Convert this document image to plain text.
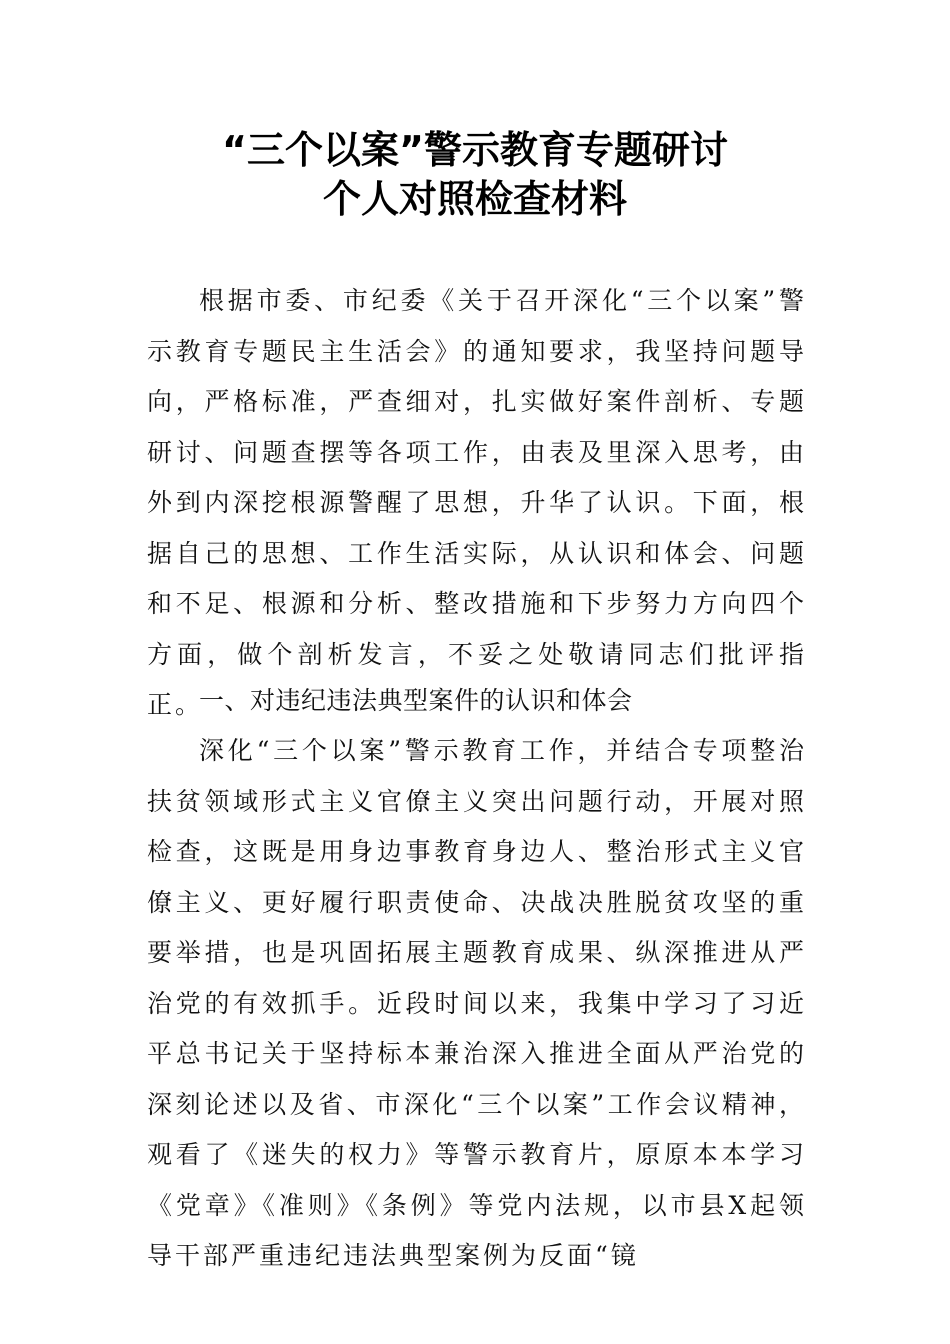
“三个以案”警示教育专题研讨
个人对照检查材料

根据市委、市纪委《关于召开深化“三个以案”警示教育专题民主生活会》的通知要求，我坚持问题导向，严格标准，严查细对，扎实做好案件剖析、专题研讨、问题查摆等各项工作，由表及里深入思考，由外到内深挖根源警醒了思想，升华了认识。下面，根据自己的思想、工作生活实际，从认识和体会、问题和不足、根源和分析、整改措施和下步努力方向四个方面，做个剖析发言，不妥之处敬请同志们批评指正。

一、对违纪违法典型案件的认识和体会

深化“三个以案”警示教育工作，并结合专项整治扶贫领域形式主义官僚主义突出问题行动，开展对照检查，这既是用身边事教育身边人、整治形式主义官僚主义、更好履行职责使命、决战决胜脱贫攻坚的重要举措，也是巩固拓展主题教育成果、纵深推进从严治党的有效抓手。近段时间以来，我集中学习了习近平总书记关于坚持标本兼治深入推进全面从严治党的深刻论述以及省、市深化“三个以案”工作会议精神，观看了《迷失的权力》等警示教育片，原原本本学习《党章》《准则》《条例》等党内法规，以市县X起领导干部严重违纪违法典型案例为反面“镜
